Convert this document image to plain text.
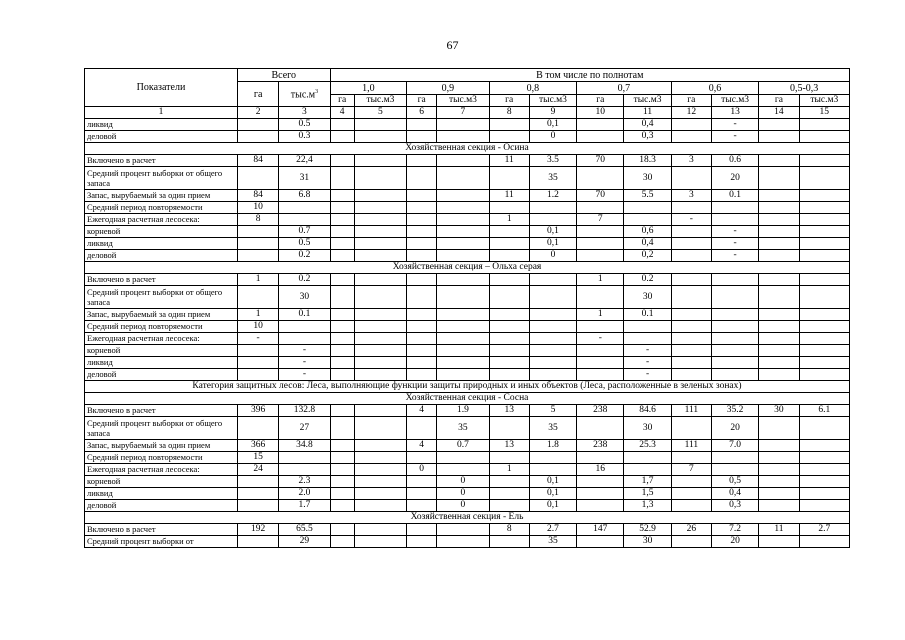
67
Показатели	Всего		В том числе по полнотам											
	га	$тыс.м^3$	1,0		0,9		0,8		0,7		0,6		0,5-0,3	
			га	тыс.м3	га	тыс.м3	га	тыс.м3	га	тыс.м3	га	тыс.м3	га	тыс.м3
1	2	3	4	5	6	7	8	9	10	11	12	13	14	15
ликвид		0.5						0,1		0,4		-		
деловой		0.3						0		0,3		-		
Хозяйственная секция - Осина														
Включено в расчет	84	22,4					11	3.5	70	18.3	3	0.6		
Средний процент выборки от общего запаса		31						35		30		20		
Запас, вырубаемый за один прием	84	6.8					11	1.2	70	5.5	3	0.1		
Средний период повторяемости	10													
Ежегодная расчетная лесосека:	8						1		7		-			
корневой		0.7						0,1		0,6		-		
ликвид		0.5						0,1		0,4		-		
деловой		0.2						0		0,2		-		
Хозяйственная секция – Ольха серая														
Включено в расчет	1	0.2							1	0.2				
Средний процент выборки от общего запаса		30								30				
Запас, вырубаемый за один прием	1	0.1							1	0.1				
Средний период повторяемости	10													
Ежегодная расчетная лесосека:	-								-					
корневой		-								-				
ликвид		-								-				
деловой		-								-				
Категория защитных лесов: Леса, выполняющие функции защиты природных и иных объектов (Леса, расположенные в зеленых зонах)														
Хозяйственная секция - Сосна														
Включено в расчет	396	132.8			4	1.9	13	5	238	84.6	111	35.2	30	6.1
Средний процент выборки от общего запаса		27				35		35		30		20		
Запас, вырубаемый за один прием	366	34.8			4	0.7	13	1.8	238	25.3	111	7.0		
Средний период повторяемости	15													
Ежегодная расчетная лесосека:	24				0		1		16		7			
корневой		2.3				0		0,1		1,7		0,5		
ликвид		2.0				0		0,1		1,5		0,4		
деловой		1.7				0		0,1		1,3		0,3		
Хозяйственная секция - Ель														
Включено в расчет	192	65.5					8	2.7	147	52.9	26	7.2	11	2.7
Средний процент выборки от		29						35		30		20		
